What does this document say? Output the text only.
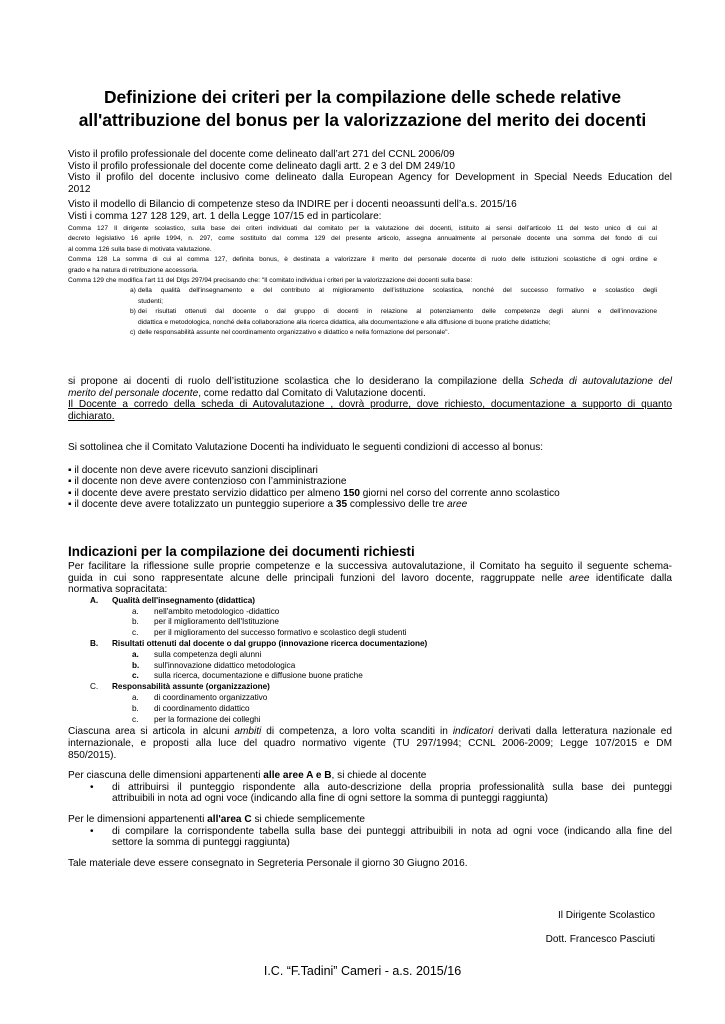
Definizione dei criteri per la compilazione delle schede relative
all'attribuzione del bonus per la valorizzazione del merito dei docenti

Visto il profilo professionale del docente come delineato dall’art 271 del CCNL 2006/09

Visto il profilo professionale del docente come delineato dagli artt. 2 e 3 del DM 249/10

Visto il profilo del docente inclusivo come delineato dalla European Agency for Development in Special Needs Education del

2012

Visto il modello di Bilancio di competenze steso da INDIRE per i docenti neoassunti dell’a.s. 2015/16

Visti i comma 127 128 129, art. 1 della Legge 107/15 ed in particolare:

Comma 127 Il dirigente scolastico, sulla base dei criteri individuati dal comitato per la valutazione dei docenti, istituito ai sensi dell’articolo 11 del testo unico di cui al

decreto legislativo 16 aprile 1994, n. 297, come sostituito dal comma 129 del presente articolo, assegna annualmente al personale docente una somma del fondo di cui

al comma 126 sulla base di motivata valutazione.

Comma 128 La somma di cui al comma 127, definita bonus, è destinata a valorizzare il merito del personale docente di ruolo delle istituzioni scolastiche di ogni ordine e

grado e ha natura di retribuzione accessoria.

Comma 129 che modifica l’art 11 del Dlgs 297/94 precisando che: "Il comitato individua i criteri per la valorizzazione dei docenti sulla base:

a) della qualità dell'insegnamento e del contributo al miglioramento dell’istituzione scolastica, nonché del successo formativo e scolastico degli
studenti;
b) dei risultati ottenuti dal docente o dal gruppo di docenti in relazione al potenziamento delle competenze degli alunni e dell’innovazione
didattica e metodologica, nonché della collaborazione alla ricerca didattica, alla documentazione e alla diffusione di buone pratiche didattiche;
c) delle responsabilità assunte nel coordinamento organizzativo e didattico e nella formazione del personale".

si propone ai docenti di ruolo dell’istituzione scolastica che lo desiderano la compilazione della Scheda di autovalutazione del

merito del personale docente, come redatto dal Comitato di Valutazione docenti.

Il Docente a corredo della scheda di Autovalutazione , dovrà produrre, dove richiesto, documentazione a supporto di quanto

dichiarato.

Si sottolinea che il Comitato Valutazione Docenti ha individuato le seguenti condizioni di accesso al bonus:

▪ il docente non deve avere ricevuto sanzioni disciplinari

▪ il docente non deve avere contenzioso con l’amministrazione

▪ il docente deve avere prestato servizio didattico per almeno 150 giorni nel corso del corrente anno scolastico

▪ il docente deve avere totalizzato un punteggio superiore a 35 complessivo delle tre aree

Indicazioni per la compilazione dei documenti richiesti

Per facilitare la riflessione sulle proprie competenze e la successiva autovalutazione, il Comitato ha seguito il seguente schema-

guida in cui sono rappresentate alcune delle principali funzioni del lavoro docente, raggruppate nelle aree identificate dalla

normativa sopracitata:

A.	Qualità dell'insegnamento (didattica)
a.	nell'ambito metodologico -didattico
b.	per il miglioramento dell'Istituzione
c.	per il miglioramento del successo formativo e scolastico degli studenti
B.	Risultati ottenuti dal docente o dal gruppo (innovazione ricerca documentazione)
a.	sulla competenza degli alunni
b.	sull'innovazione didattico metodologica
c.	sulla ricerca, documentazione e diffusione buone pratiche
C.	Responsabilità assunte (organizzazione)
a.	di coordinamento organizzativo
b.	di coordinamento didattico
c.	per la formazione dei colleghi

Ciascuna area si articola in alcuni ambiti di competenza, a loro volta scanditi in indicatori derivati dalla letteratura nazionale ed

internazionale, e proposti alla luce del quadro normativo vigente (TU 297/1994; CCNL 2006-2009; Legge 107/2015 e DM

850/2015).

Per ciascuna delle dimensioni appartenenti alle aree A e B, si chiede al docente

•	di attribuirsi il punteggio rispondente alla auto-descrizione della propria professionalità sulla base dei punteggi
attribuibili in nota ad ogni voce (indicando alla fine di ogni settore la somma di punteggi raggiunta)

Per le dimensioni appartenenti all'area C si chiede semplicemente

•	di compilare la corrispondente tabella sulla base dei punteggi attribuibili in nota ad ogni voce (indicando alla fine del
settore la somma di punteggi raggiunta)

Tale materiale deve essere consegnato in Segreteria Personale il giorno 30 Giugno 2016.

Il Dirigente Scolastico
Dott. Francesco Pasciuti
I.C. “F.Tadini” Cameri - a.s. 2015/16
